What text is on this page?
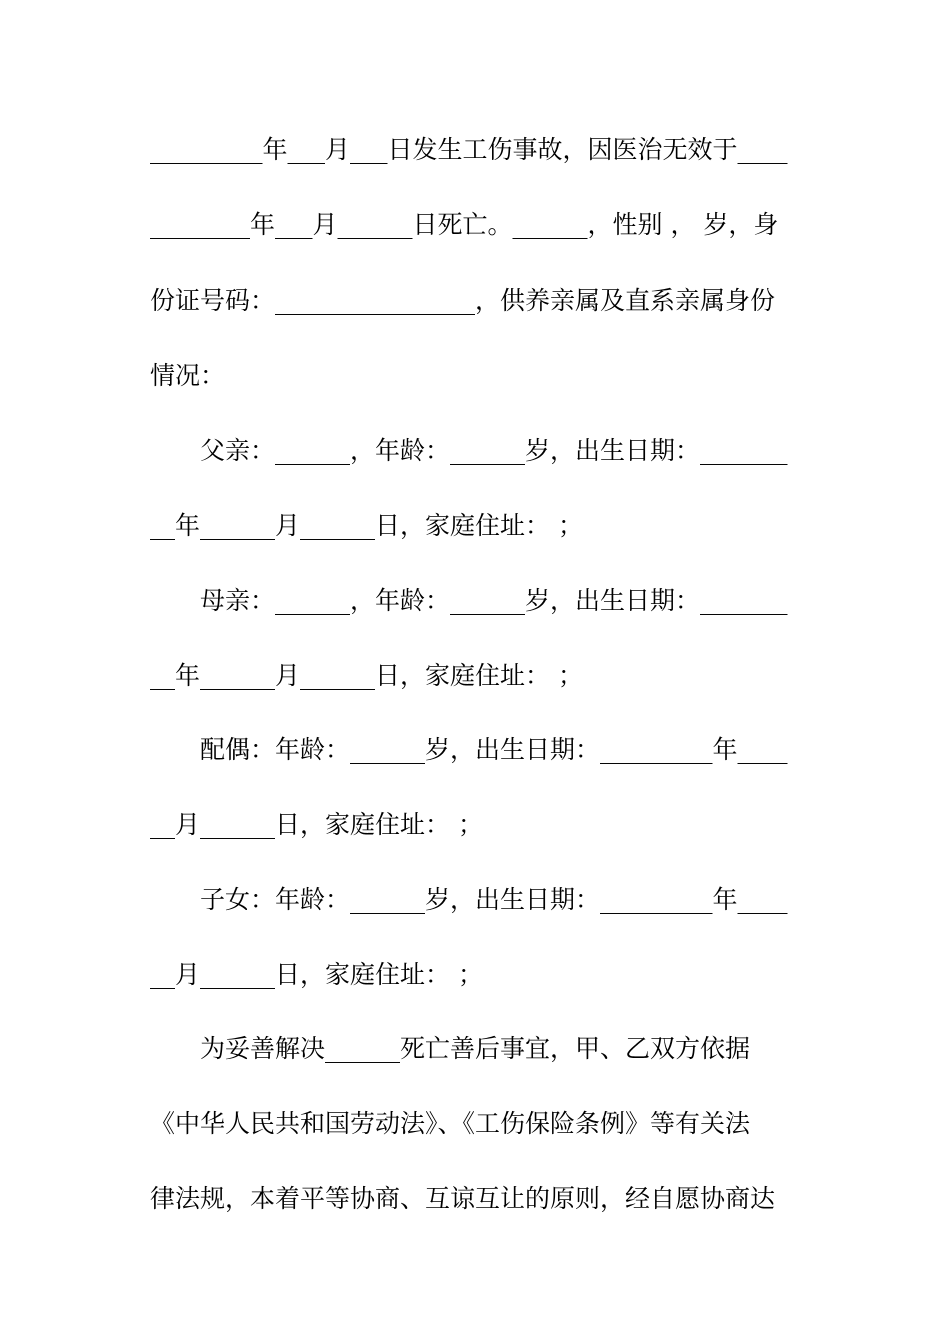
_________年___月___日发生工伤事故，因医治无效于____
________年___月______日死亡。______，性别 ， 岁，身
份证号码：________________，供养亲属及直系亲属身份
情况：
父亲：______，年龄：______岁，出生日期：_______
__年______月______日，家庭住址： ；
母亲：______，年龄：______岁，出生日期：_______
__年______月______日，家庭住址： ；
配偶：年龄：______岁，出生日期：_________年____
__月______日，家庭住址： ；
子女：年龄：______岁，出生日期：_________年____
__月______日，家庭住址： ；
为妥善解决______死亡善后事宜，甲、乙双方依据
《中华人民共和国劳动法》、《工伤保险条例》等有关法
律法规，本着平等协商、互谅互让的原则，经自愿协商达
